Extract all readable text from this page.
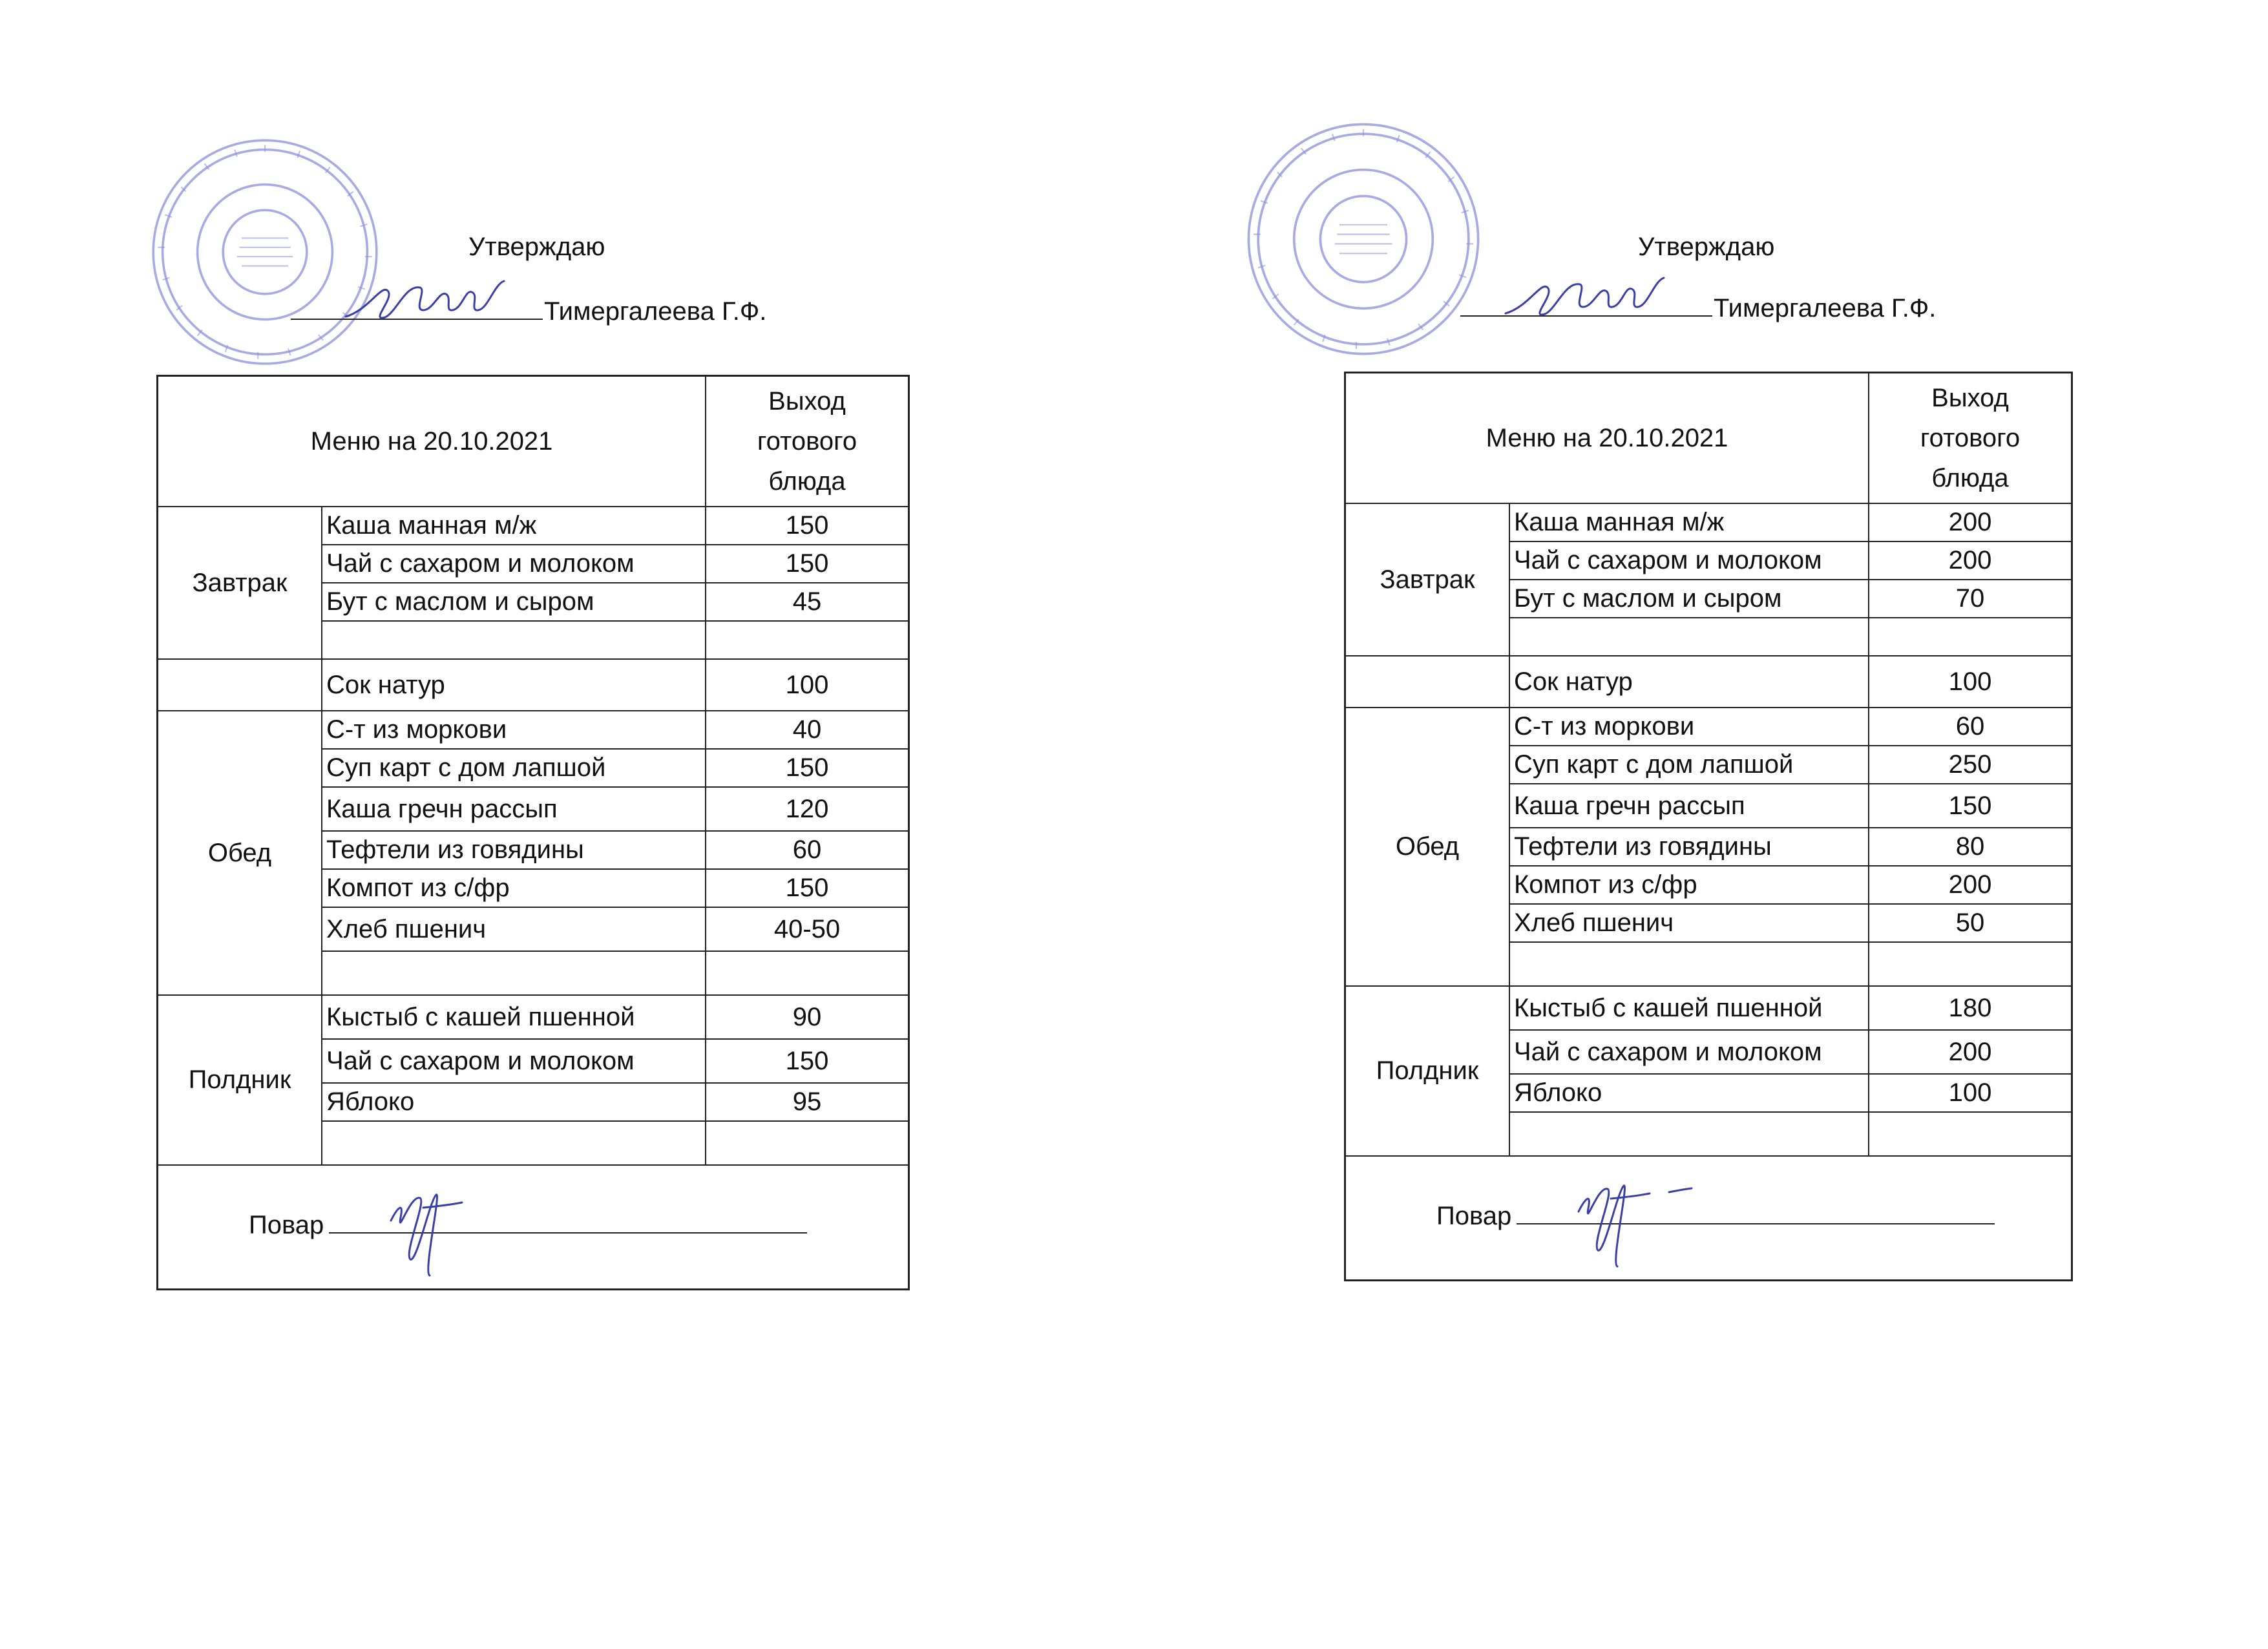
Утверждаю
Тимергалеева Г.Ф.
Меню на 20.10.2021		Выход
готового
блюда

Завтрак	Каша манная м/ж	150
	Чай с сахаром и молоком	150
	Бут с маслом и сыром	45

	Сок натур	100
Обед	С-т из моркови	40
	Суп карт с дом лапшой	150
	Каша гречн рассып	120
	Тефтели из говядины	60
	Компот из с/фр	150
	Хлеб пшенич	40-50

Полдник	Кыстыб с кашей пшенной	90
	Чай с сахаром и молоком	150
	Яблоко	95

Повар		
Утверждаю
Тимергалеева Г.Ф.
Меню на 20.10.2021		Выход
готового
блюда

Завтрак	Каша манная м/ж	200
	Чай с сахаром и молоком	200
	Бут с маслом и сыром	70

	Сок натур	100
Обед	С-т из моркови	60
	Суп карт с дом лапшой	250
	Каша гречн рассып	150
	Тефтели из говядины	80
	Компот из с/фр	200
	Хлеб пшенич	50

Полдник	Кыстыб с кашей пшенной	180
	Чай с сахаром и молоком	200
	Яблоко	100

Повар		
